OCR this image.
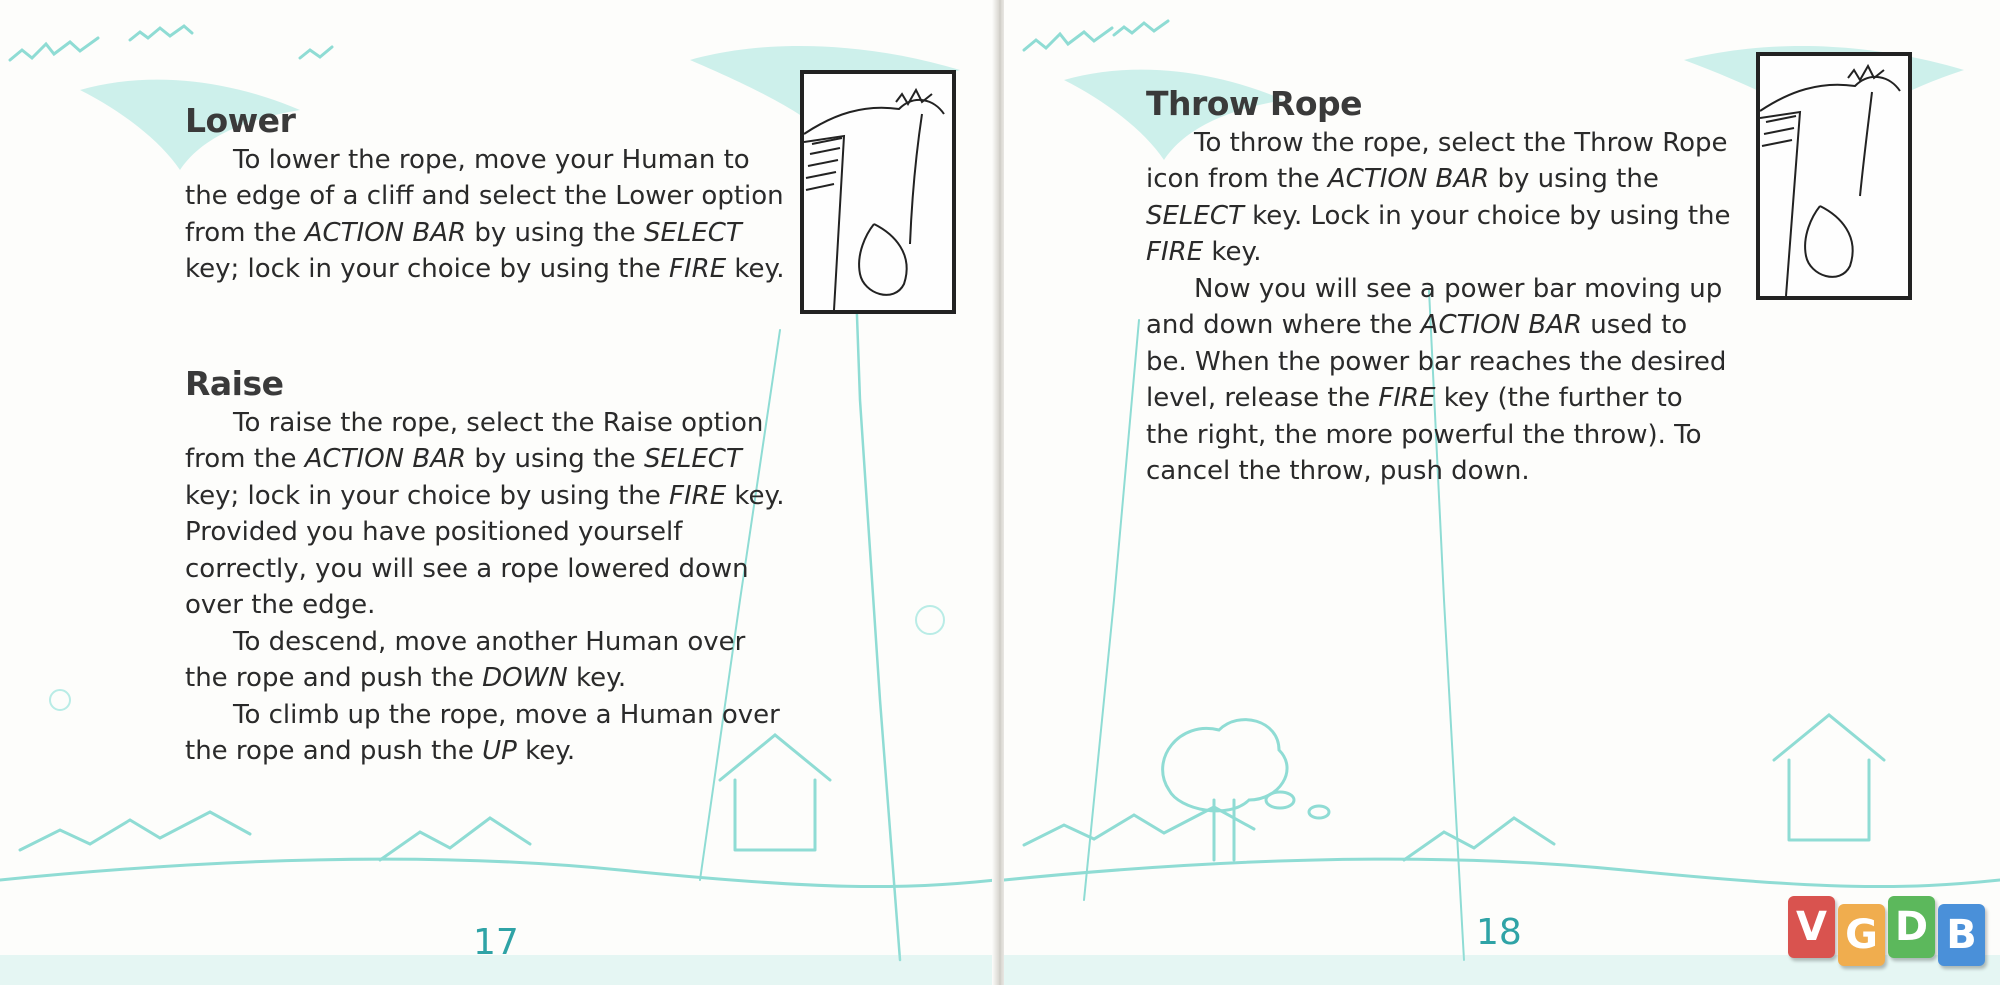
Lower

To lower the rope, move your Human to the edge of a cliff and select the Lower option from the ACTION BAR by using the SELECT key; lock in your choice by using the FIRE key.

Raise

To raise the rope, select the Raise option from the ACTION BAR by using the SELECT key; lock in your choice by using the FIRE key. Provided you have positioned yourself correctly, you will see a rope lowered down over the edge.

To descend, move another Human over the rope and push the DOWN key.

To climb up the rope, move a Human over the rope and push the UP key.

17
Throw Rope

To throw the rope, select the Throw Rope icon from the ACTION BAR by using the SELECT key. Lock in your choice by using the FIRE key.

Now you will see a power bar moving up and down where the ACTION BAR used to be. When the power bar reaches the desired level, release the FIRE key (the further to the right, the more powerful the throw). To cancel the throw, push down.

18	V G D B
